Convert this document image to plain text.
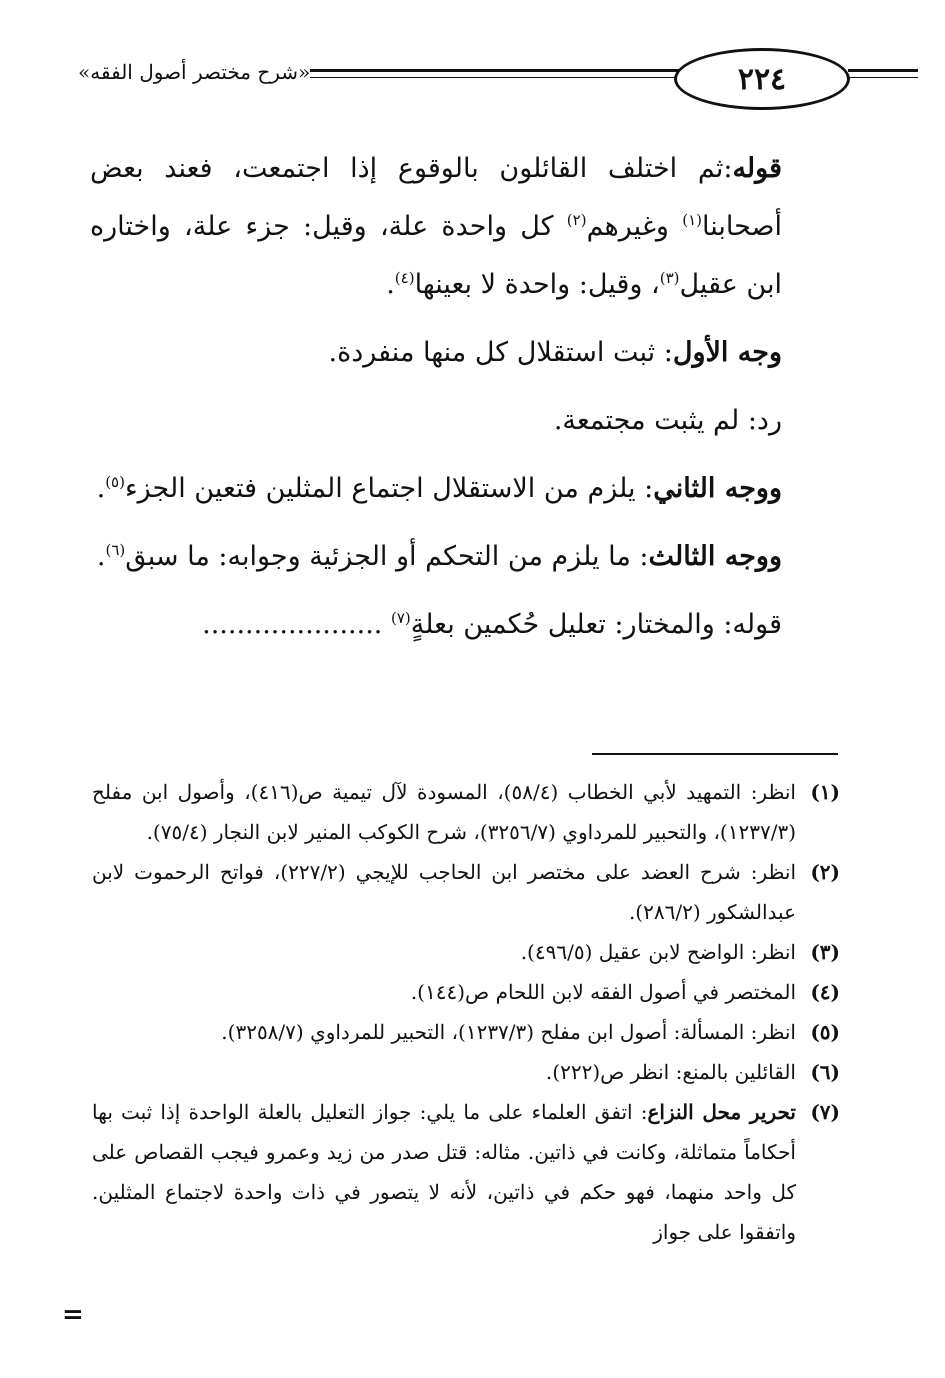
«شرح مختصر أصول الفقه»	٢٢٤

قوله:ثم اختلف القائلون بالوقوع إذا اجتمعت، فعند بعض أصحابنا$^{(١)}$ وغيرهم$^{(٢)}$ كل واحدة علة، وقيل: جزء علة، واختاره ابن عقيل$^{(٣)}$، وقيل: واحدة لا بعينها$^{(٤)}$.

وجه الأول: ثبت استقلال كل منها منفردة.

رد: لم يثبت مجتمعة.

ووجه الثاني: يلزم من الاستقلال اجتماع المثلين فتعين الجزء$^{(٥)}$.

ووجه الثالث: ما يلزم من التحكم أو الجزئية وجوابه: ما سبق$^{(٦)}$.

قوله: والمختار: تعليل حُكمين بعلةٍ$^{(٧)}$ .....................

(١)
انظر: التمهيد لأبي الخطاب (٥٨/٤)، المسودة لآل تيمية ص(٤١٦)، وأصول ابن مفلح (١٢٣٧/٣)، والتحبير للمرداوي (٣٢٥٦/٧)، شرح الكوكب المنير لابن النجار (٧٥/٤).

(٢)
انظر: شرح العضد على مختصر ابن الحاجب للإيجي (٢٢٧/٢)، فواتح الرحموت لابن عبدالشكور (٢٨٦/٢).

(٣)
انظر: الواضح لابن عقيل (٤٩٦/٥).

(٤)
المختصر في أصول الفقه لابن اللحام ص(١٤٤).

(٥)
انظر: المسألة: أصول ابن مفلح (١٢٣٧/٣)، التحبير للمرداوي (٣٢٥٨/٧).

(٦)
القائلين بالمنع: انظر ص(٢٢٢).

(٧)
تحرير محل النزاع: اتفق العلماء على ما يلي: جواز التعليل بالعلة الواحدة إذا ثبت بها أحكاماً متماثلة، وكانت في ذاتين. مثاله: قتل صدر من زيد وعمرو فيجب القصاص على كل واحد منهما، فهو حكم في ذاتين، لأنه لا يتصور في ذات واحدة لاجتماع المثلين. واتفقوا على جواز

=
